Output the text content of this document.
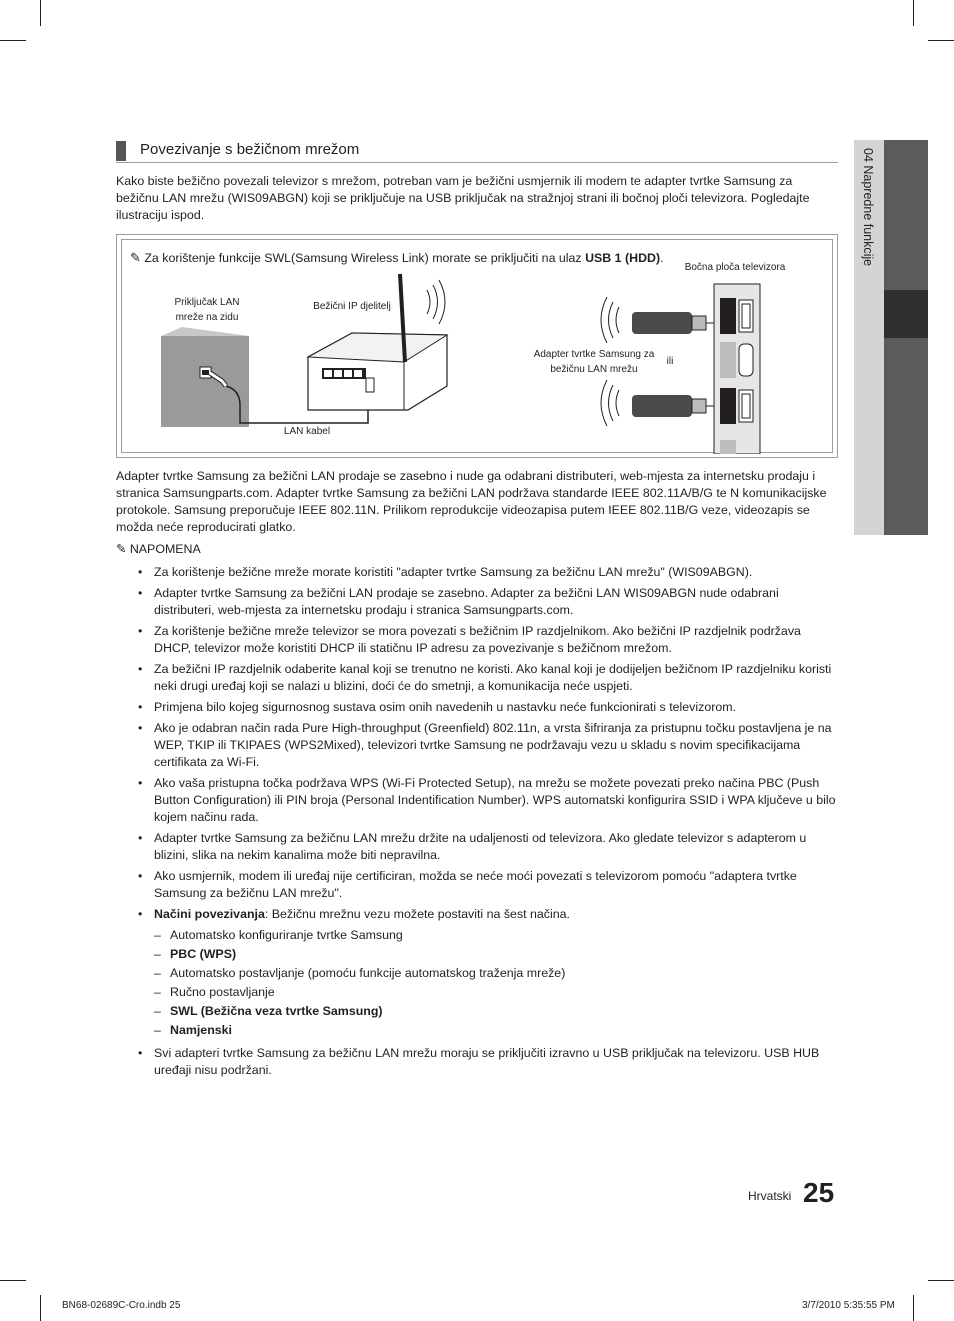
04 Napredne funkcije
Povezivanje s bežičnom mrežom
Kako biste bežično povezali televizor s mrežom, potreban vam je bežični usmjernik ili modem te adapter tvrtke Samsung za bežičnu LAN mrežu (WIS09ABGN) koji se priključuje na USB priključak na stražnjoj strani ili bočnoj ploči televizora. Pogledajte ilustraciju ispod.
✎ Za korištenje funkcije SWL(Samsung Wireless Link) morate se priključiti na ulaz USB 1 (HDD).
Bočna ploča televizora
Priključak LAN
mreže na zidu
Bežični IP djelitelj
Adapter tvrtke Samsung za
bežičnu LAN mrežu
ili
LAN kabel
Adapter tvrtke Samsung za bežični LAN prodaje se zasebno i nude ga odabrani distributeri, web-mjesta za internetsku prodaju i stranica Samsungparts.com. Adapter tvrtke Samsung za bežični LAN podržava standarde IEEE 802.11A/B/G te N komunikacijske protokole. Samsung preporučuje IEEE 802.11N. Prilikom reprodukcije videozapisa putem IEEE 802.11B/G veze, videozapis se možda neće reproducirati glatko.
✎ NAPOMENA
• Za korištenje bežične mreže morate koristiti "adapter tvrtke Samsung za bežičnu LAN mrežu" (WIS09ABGN).
• Adapter tvrtke Samsung za bežični LAN prodaje se zasebno. Adapter za bežični LAN WIS09ABGN nude odabrani distributeri, web-mjesta za internetsku prodaju i stranica Samsungparts.com.
• Za korištenje bežične mreže televizor se mora povezati s bežičnim IP razdjelnikom. Ako bežični IP razdjelnik podržava DHCP, televizor može koristiti DHCP ili statičnu IP adresu za povezivanje s bežičnom mrežom.
• Za bežični IP razdjelnik odaberite kanal koji se trenutno ne koristi. Ako kanal koji je dodijeljen bežičnom IP razdjelniku koristi neki drugi uređaj koji se nalazi u blizini, doći će do smetnji, a komunikacija neće uspjeti.
• Primjena bilo kojeg sigurnosnog sustava osim onih navedenih u nastavku neće funkcionirati s televizorom.
• Ako je odabran način rada Pure High-throughput (Greenfield) 802.11n, a vrsta šifriranja za pristupnu točku postavljena je na WEP, TKIP ili TKIPAES (WPS2Mixed), televizori tvrtke Samsung ne podržavaju vezu u skladu s novim specifikacijama certifikata za Wi-Fi.
• Ako vaša pristupna točka podržava WPS (Wi-Fi Protected Setup), na mrežu se možete povezati preko načina PBC (Push Button Configuration) ili PIN broja (Personal Indentification Number). WPS automatski konfigurira SSID i WPA ključeve u bilo kojem načinu rada.
• Adapter tvrtke Samsung za bežičnu LAN mrežu držite na udaljenosti od televizora. Ako gledate televizor s adapterom u blizini, slika na nekim kanalima može biti nepravilna.
• Ako usmjernik, modem ili uređaj nije certificiran, možda se neće moći povezati s televizorom pomoću "adaptera tvrtke Samsung za bežičnu LAN mrežu".
• Načini povezivanja: Bežičnu mrežnu vezu možete postaviti na šest načina.
– Automatsko konfiguriranje tvrtke Samsung
– PBC (WPS)
– Automatsko postavljanje (pomoću funkcije automatskog traženja mreže)
– Ručno postavljanje
– SWL (Bežična veza tvrtke Samsung)
– Namjenski
• Svi adapteri tvrtke Samsung za bežičnu LAN mrežu moraju se priključiti izravno u USB priključak na televizoru. USB HUB uređaji nisu podržani.
Hrvatski 25
BN68-02689C-Cro.indb 25	3/7/2010 5:35:55 PM
